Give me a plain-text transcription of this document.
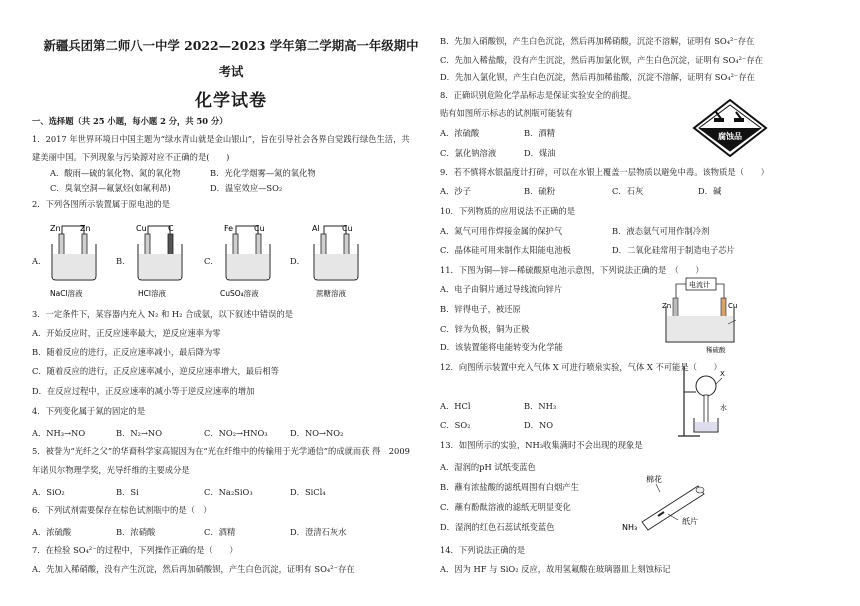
新疆兵团第二师八一中学 2022—2023 学年第二学期高一年级期中
考试
化学试卷
一、选择题（共 25 小题，每小题 2 分，共 50 分）
1．2017 年世界环境日中国主题为“绿水青山就是金山银山”，旨在引导社会各界自觉践行绿色生活，共
建美丽中国。下列现象与污染源对应不正确的是(　　)
A．酸雨—硫的氧化物、氮的氧化物	B．光化学烟雾—氮的氧化物
C．臭氧空洞—氟氯烃(如氟利昂)	D．温室效应—SO₂
2．下列各图所示装置属于原电池的是
A．	B．	C．	D．
Zn Zn
NaCl溶液
Cu	C
HCl溶液
Fe	Cu
CuSO₄溶液
Al	Cu
蔗糖溶液
3．一定条件下，某容器内充入 N₂ 和 H₂ 合成氨，以下叙述中错误的是
A．开始反应时，正反应速率最大，逆反应速率为零
B．随着反应的进行，正反应速率减小，最后降为零
C．随着反应的进行，正反应速率减小，逆反应速率增大，最后相等
D．在反应过程中，正反应速率的减小等于逆反应速率的增加
4．下列变化属于氮的固定的是
A．NH₃→NO	B．N₂→NO	C．NO₂→HNO₃	D．NO→NO₂
5．被誉为“光纤之父”的华裔科学家高锟因为在“光在纤维中的传输用于光学通信”的成就而获 得　2009
年诺贝尔物理学奖，光导纤维的主要成分是
A．SiO₂	B．Si	C．Na₂SiO₃	D．SiCl₄
6．下列试剂需要保存在棕色试剂瓶中的是（　）
A．浓硫酸	B．浓硝酸	C．酒精	D．澄清石灰水
7．在检验 SO₄²⁻的过程中，下列操作正确的是（　　）
A．先加入稀硝酸，没有产生沉淀，然后再加硝酸钡，产生白色沉淀，证明有 SO₄²⁻存在
B．先加入硝酸钡，产生白色沉淀，然后再加稀硝酸，沉淀不溶解，证明有 SO₄²⁻存在
C．先加入稀盐酸，没有产生沉淀，然后再加氯化钡，产生白色沉淀，证明有 SO₄²⁻存在
D．先加入氯化钡，产生白色沉淀，然后再加稀盐酸，沉淀不溶解，证明有 SO₄²⁻存在
8．正确识别危险化学品标志是保证实验安全的前提。
贴有如图所示标志的试剂瓶可能装有
腐蚀品
A．浓硫酸	B．酒精
C．氯化钠溶液	D．煤油
9．若不慎将水银温度计打碎，可以在水银上覆盖一层物质以避免中毒。该物质是（　　）
A．沙子	B．硫粉	C．石灰	D．碱
10．下列物质的应用说法不正确的是
A．氮气可用作焊接金属的保护气	B．液态氨气可用作制冷剂
C．晶体硅可用来制作太阳能电池板	D．二氧化硅常用于制造电子芯片
11．下图为铜—锌—稀硫酸原电池示意图，下列说法正确的是　（　　）
A．电子由铜片通过导线流向锌片
B．锌得电子，被还原
C．锌为负极，铜为正极
D．该装置能将电能转变为化学能
电流计
Zn	Cu
稀硫酸
12．向图所示装置中充入气体 X 可进行喷泉实验，气体 X 不可能是（　　）
A．HCl	B．NH₃
C．SO₂	D．NO
X
水
13．如图所示的实验，NH₃收集满时不会出现的现象是
A．湿润的pH 试纸变蓝色
B．蘸有浓盐酸的滤纸周围有白烟产生
C．蘸有酚酞溶液的滤纸无明显变化
D．湿润的红色石蕊试纸变蓝色
棉花
纸片
NH₃
14．下列说法正确的是
A．因为 HF 与 SiO₂ 反应，故用氢氟酸在玻璃器皿上刻蚀标记
